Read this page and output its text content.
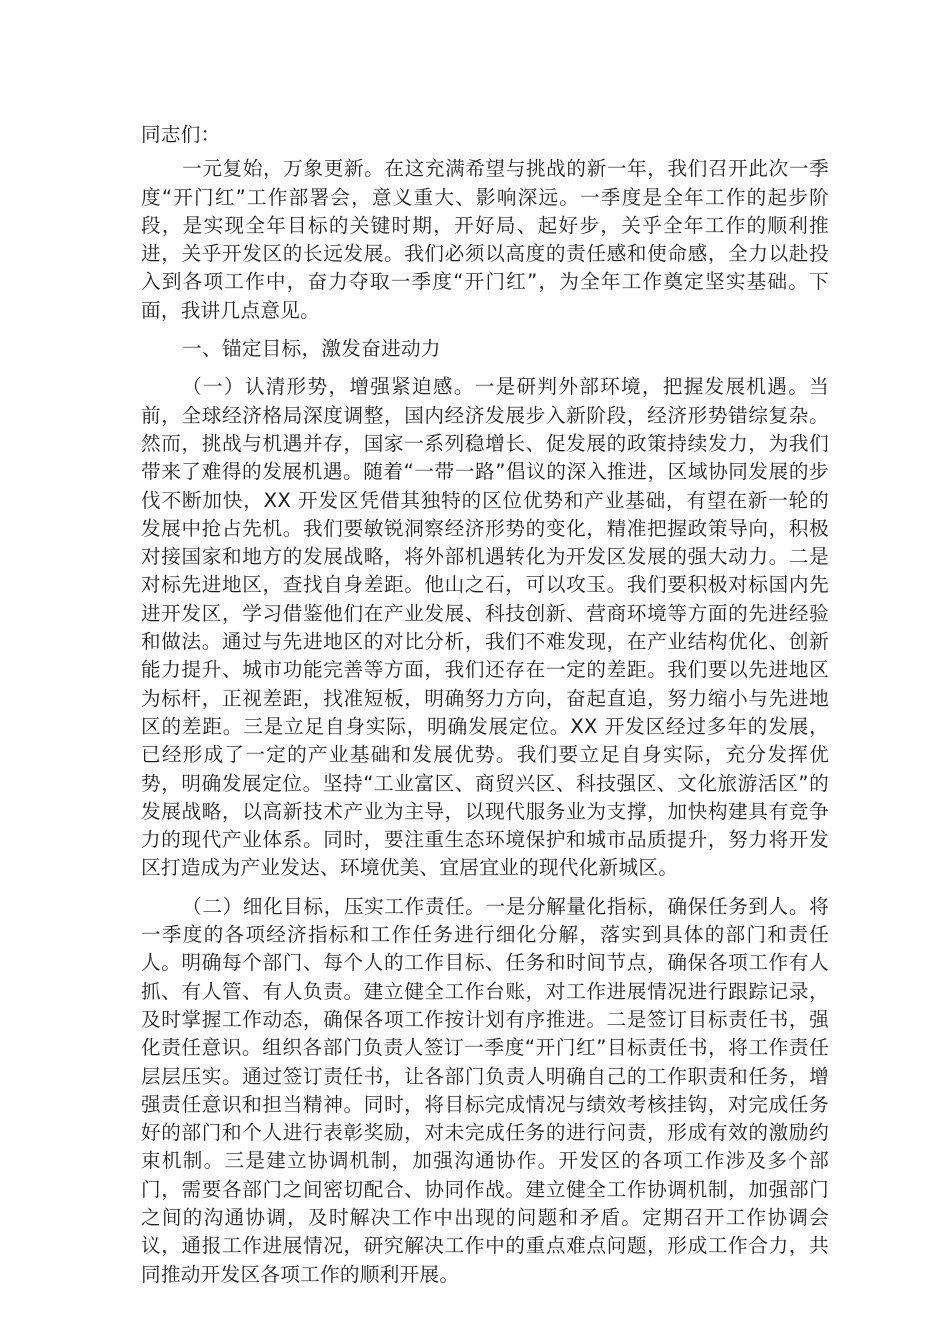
同志们：

一元复始，万象更新。在这充满希望与挑战的新一年，我们召开此次一季度“开门红”工作部署会，意义重大、影响深远。一季度是全年工作的起步阶段，是实现全年目标的关键时期，开好局、起好步，关乎全年工作的顺利推进，关乎开发区的长远发展。我们必须以高度的责任感和使命感，全力以赴投入到各项工作中，奋力夺取一季度“开门红”，为全年工作奠定坚实基础。下面，我讲几点意见。

一、锚定目标，激发奋进动力

（一）认清形势，增强紧迫感。一是研判外部环境，把握发展机遇。当前，全球经济格局深度调整，国内经济发展步入新阶段，经济形势错综复杂。然而，挑战与机遇并存，国家一系列稳增长、促发展的政策持续发力，为我们带来了难得的发展机遇。随着“一带一路”倡议的深入推进，区域协同发展的步伐不断加快，XX 开发区凭借其独特的区位优势和产业基础，有望在新一轮的发展中抢占先机。我们要敏锐洞察经济形势的变化，精准把握政策导向，积极对接国家和地方的发展战略，将外部机遇转化为开发区发展的强大动力。二是对标先进地区，查找自身差距。他山之石，可以攻玉。我们要积极对标国内先进开发区，学习借鉴他们在产业发展、科技创新、营商环境等方面的先进经验和做法。通过与先进地区的对比分析，我们不难发现，在产业结构优化、创新能力提升、城市功能完善等方面，我们还存在一定的差距。我们要以先进地区为标杆，正视差距，找准短板，明确努力方向，奋起直追，努力缩小与先进地区的差距。三是立足自身实际，明确发展定位。XX 开发区经过多年的发展，已经形成了一定的产业基础和发展优势。我们要立足自身实际，充分发挥优势，明确发展定位。坚持“工业富区、商贸兴区、科技强区、文化旅游活区”的发展战略，以高新技术产业为主导，以现代服务业为支撑，加快构建具有竞争力的现代产业体系。同时，要注重生态环境保护和城市品质提升，努力将开发区打造成为产业发达、环境优美、宜居宜业的现代化新城区。

（二）细化目标，压实工作责任。一是分解量化指标，确保任务到人。将一季度的各项经济指标和工作任务进行细化分解，落实到具体的部门和责任人。明确每个部门、每个人的工作目标、任务和时间节点，确保各项工作有人抓、有人管、有人负责。建立健全工作台账，对工作进展情况进行跟踪记录，及时掌握工作动态，确保各项工作按计划有序推进。二是签订目标责任书，强化责任意识。组织各部门负责人签订一季度“开门红”目标责任书，将工作责任层层压实。通过签订责任书，让各部门负责人明确自己的工作职责和任务，增强责任意识和担当精神。同时，将目标完成情况与绩效考核挂钩，对完成任务好的部门和个人进行表彰奖励，对未完成任务的进行问责，形成有效的激励约束机制。三是建立协调机制，加强沟通协作。开发区的各项工作涉及多个部门，需要各部门之间密切配合、协同作战。建立健全工作协调机制，加强部门之间的沟通协调，及时解决工作中出现的问题和矛盾。定期召开工作协调会议，通报工作进展情况，研究解决工作中的重点难点问题，形成工作合力，共同推动开发区各项工作的顺利开展。
